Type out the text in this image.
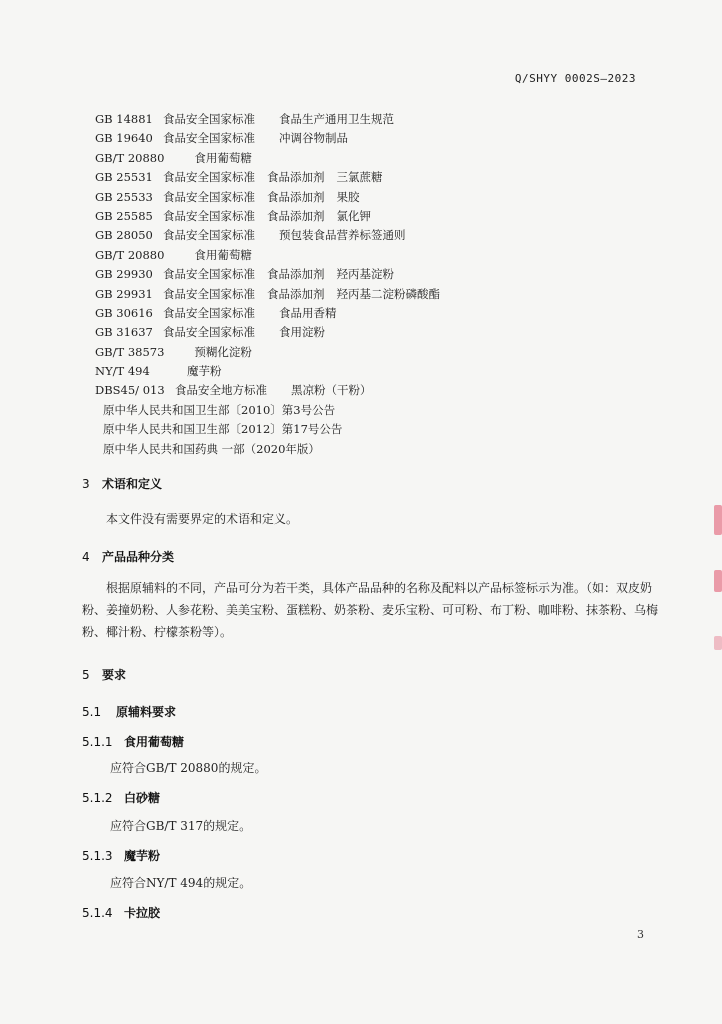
Q/SHYY 0002S—2023
GB 14881 食品安全国家标准 食品生产通用卫生规范
GB 19640 食品安全国家标准 冲调谷物制品
GB/T 20880	食用葡萄糖
GB 25531 食品安全国家标准 食品添加剂 三氯蔗糖
GB 25533 食品安全国家标准 食品添加剂 果胶
GB 25585 食品安全国家标准 食品添加剂 氯化钾
GB 28050 食品安全国家标准 预包装食品营养标签通则
GB/T 20880	食用葡萄糖
GB 29930 食品安全国家标准 食品添加剂 羟丙基淀粉
GB 29931 食品安全国家标准 食品添加剂 羟丙基二淀粉磷酸酯
GB 30616 食品安全国家标准 食品用香精
GB 31637 食品安全国家标准 食用淀粉
GB/T 38573	预糊化淀粉
NY/T 494	魔芋粉
DBS45/ 013 食品安全地方标准 黑凉粉（干粉）
原中华人民共和国卫生部〔2010〕第3号公告
原中华人民共和国卫生部〔2012〕第17号公告
原中华人民共和国药典 一部（2020年版）
3 术语和定义
本文件没有需要界定的术语和定义。
4 产品品种分类
根据原辅料的不同，产品可分为若干类，具体产品品种的名称及配料以产品标签标示为准。（如：双皮奶粉、姜撞奶粉、人参花粉、美美宝粉、蛋糕粉、奶茶粉、麦乐宝粉、可可粉、布丁粉、咖啡粉、抹茶粉、乌梅粉、椰汁粉、柠檬茶粉等）。
5 要求
5.1 原辅料要求
5.1.1 食用葡萄糖
应符合GB/T 20880的规定。
5.1.2 白砂糖
应符合GB/T 317的规定。
5.1.3 魔芋粉
应符合NY/T 494的规定。
5.1.4 卡拉胶
3
